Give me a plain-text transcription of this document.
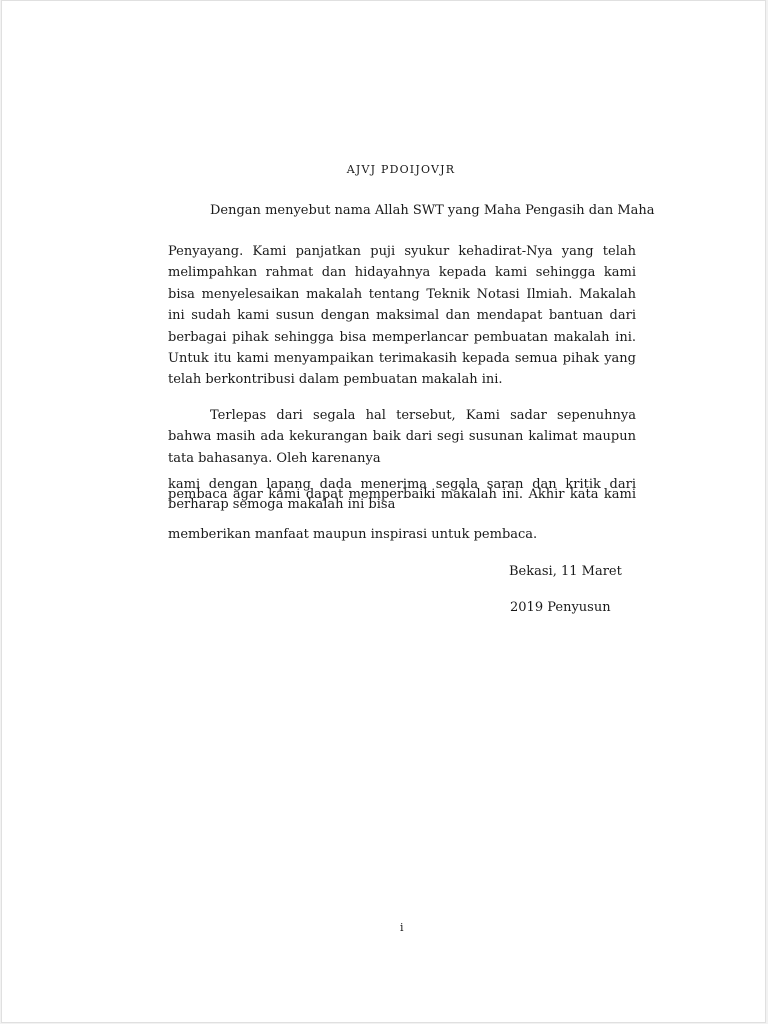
AJVJ PDOIJOVJR

Dengan menyebut nama Allah SWT yang Maha Pengasih dan Maha

Penyayang. Kami panjatkan puji syukur kehadirat-Nya yang telah melimpahkan rahmat dan hidayahnya kepada kami sehingga kami bisa menyelesaikan makalah tentang Teknik Notasi Ilmiah. Makalah ini sudah kami susun dengan maksimal dan mendapat bantuan dari berbagai pihak sehingga bisa memperlancar pembuatan makalah ini. Untuk itu kami menyampaikan terimakasih kepada semua pihak yang telah berkontribusi dalam pembuatan makalah ini.

Terlepas dari segala hal tersebut, Kami sadar sepenuhnya bahwa masih ada kekurangan baik dari segi susunan kalimat maupun tata bahasanya. Oleh karenanya

kami dengan lapang dada menerima segala saran dan kritik dari pembaca agar kami dapat memperbaiki makalah ini. Akhir kata kami berharap semoga makalah ini bisa

memberikan manfaat maupun inspirasi untuk pembaca.

Bekasi, 11 Maret
2019 Penyusun
i
